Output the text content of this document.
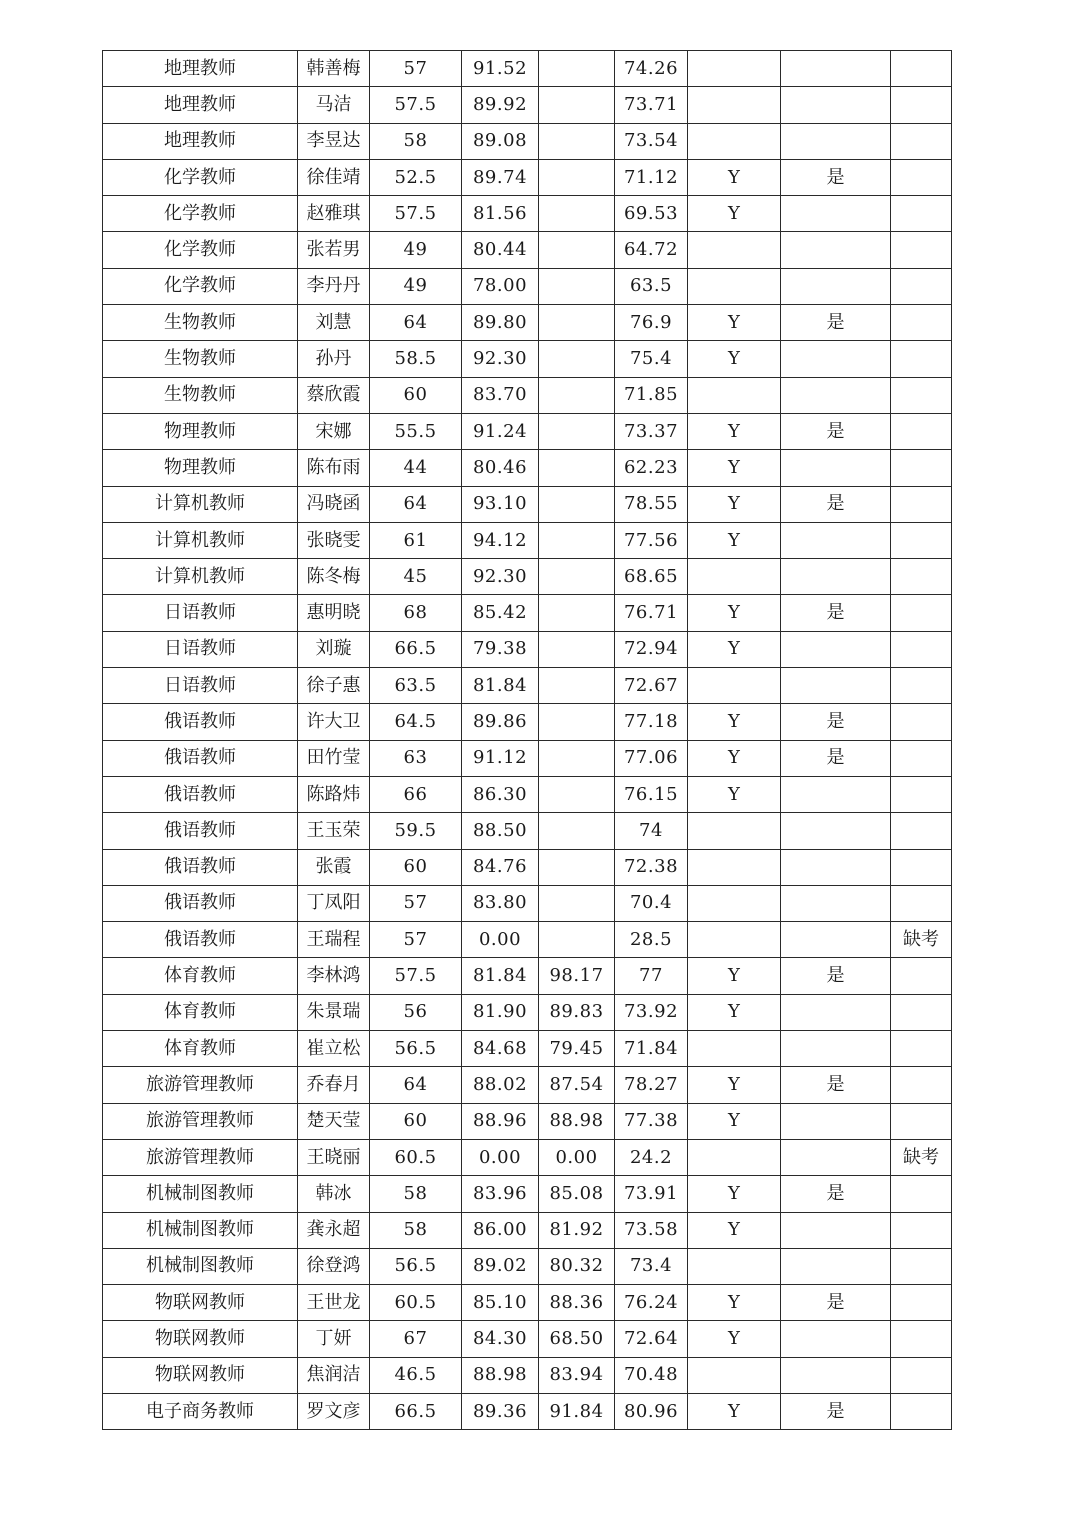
地理教师	韩善梅	57	91.52		74.26			
地理教师	马洁	57.5	89.92		73.71			
地理教师	李昱达	58	89.08		73.54			
化学教师	徐佳靖	52.5	89.74		71.12	Y	是	
化学教师	赵雅琪	57.5	81.56		69.53	Y		
化学教师	张若男	49	80.44		64.72			
化学教师	李丹丹	49	78.00		63.5			
生物教师	刘慧	64	89.80		76.9	Y	是	
生物教师	孙丹	58.5	92.30		75.4	Y		
生物教师	蔡欣霞	60	83.70		71.85			
物理教师	宋娜	55.5	91.24		73.37	Y	是	
物理教师	陈布雨	44	80.46		62.23	Y		
计算机教师	冯晓函	64	93.10		78.55	Y	是	
计算机教师	张晓雯	61	94.12		77.56	Y		
计算机教师	陈冬梅	45	92.30		68.65			
日语教师	惠明晓	68	85.42		76.71	Y	是	
日语教师	刘璇	66.5	79.38		72.94	Y		
日语教师	徐子惠	63.5	81.84		72.67			
俄语教师	许大卫	64.5	89.86		77.18	Y	是	
俄语教师	田竹莹	63	91.12		77.06	Y	是	
俄语教师	陈路炜	66	86.30		76.15	Y		
俄语教师	王玉荣	59.5	88.50		74			
俄语教师	张霞	60	84.76		72.38			
俄语教师	丁凤阳	57	83.80		70.4			
俄语教师	王瑞程	57	0.00		28.5			缺考
体育教师	李林鸿	57.5	81.84	98.17	77	Y	是	
体育教师	朱景瑞	56	81.90	89.83	73.92	Y		
体育教师	崔立松	56.5	84.68	79.45	71.84			
旅游管理教师	乔春月	64	88.02	87.54	78.27	Y	是	
旅游管理教师	楚天莹	60	88.96	88.98	77.38	Y		
旅游管理教师	王晓丽	60.5	0.00	0.00	24.2			缺考
机械制图教师	韩冰	58	83.96	85.08	73.91	Y	是	
机械制图教师	龚永超	58	86.00	81.92	73.58	Y		
机械制图教师	徐登鸿	56.5	89.02	80.32	73.4			
物联网教师	王世龙	60.5	85.10	88.36	76.24	Y	是	
物联网教师	丁妍	67	84.30	68.50	72.64	Y		
物联网教师	焦润洁	46.5	88.98	83.94	70.48			
电子商务教师	罗文彦	66.5	89.36	91.84	80.96	Y	是	
